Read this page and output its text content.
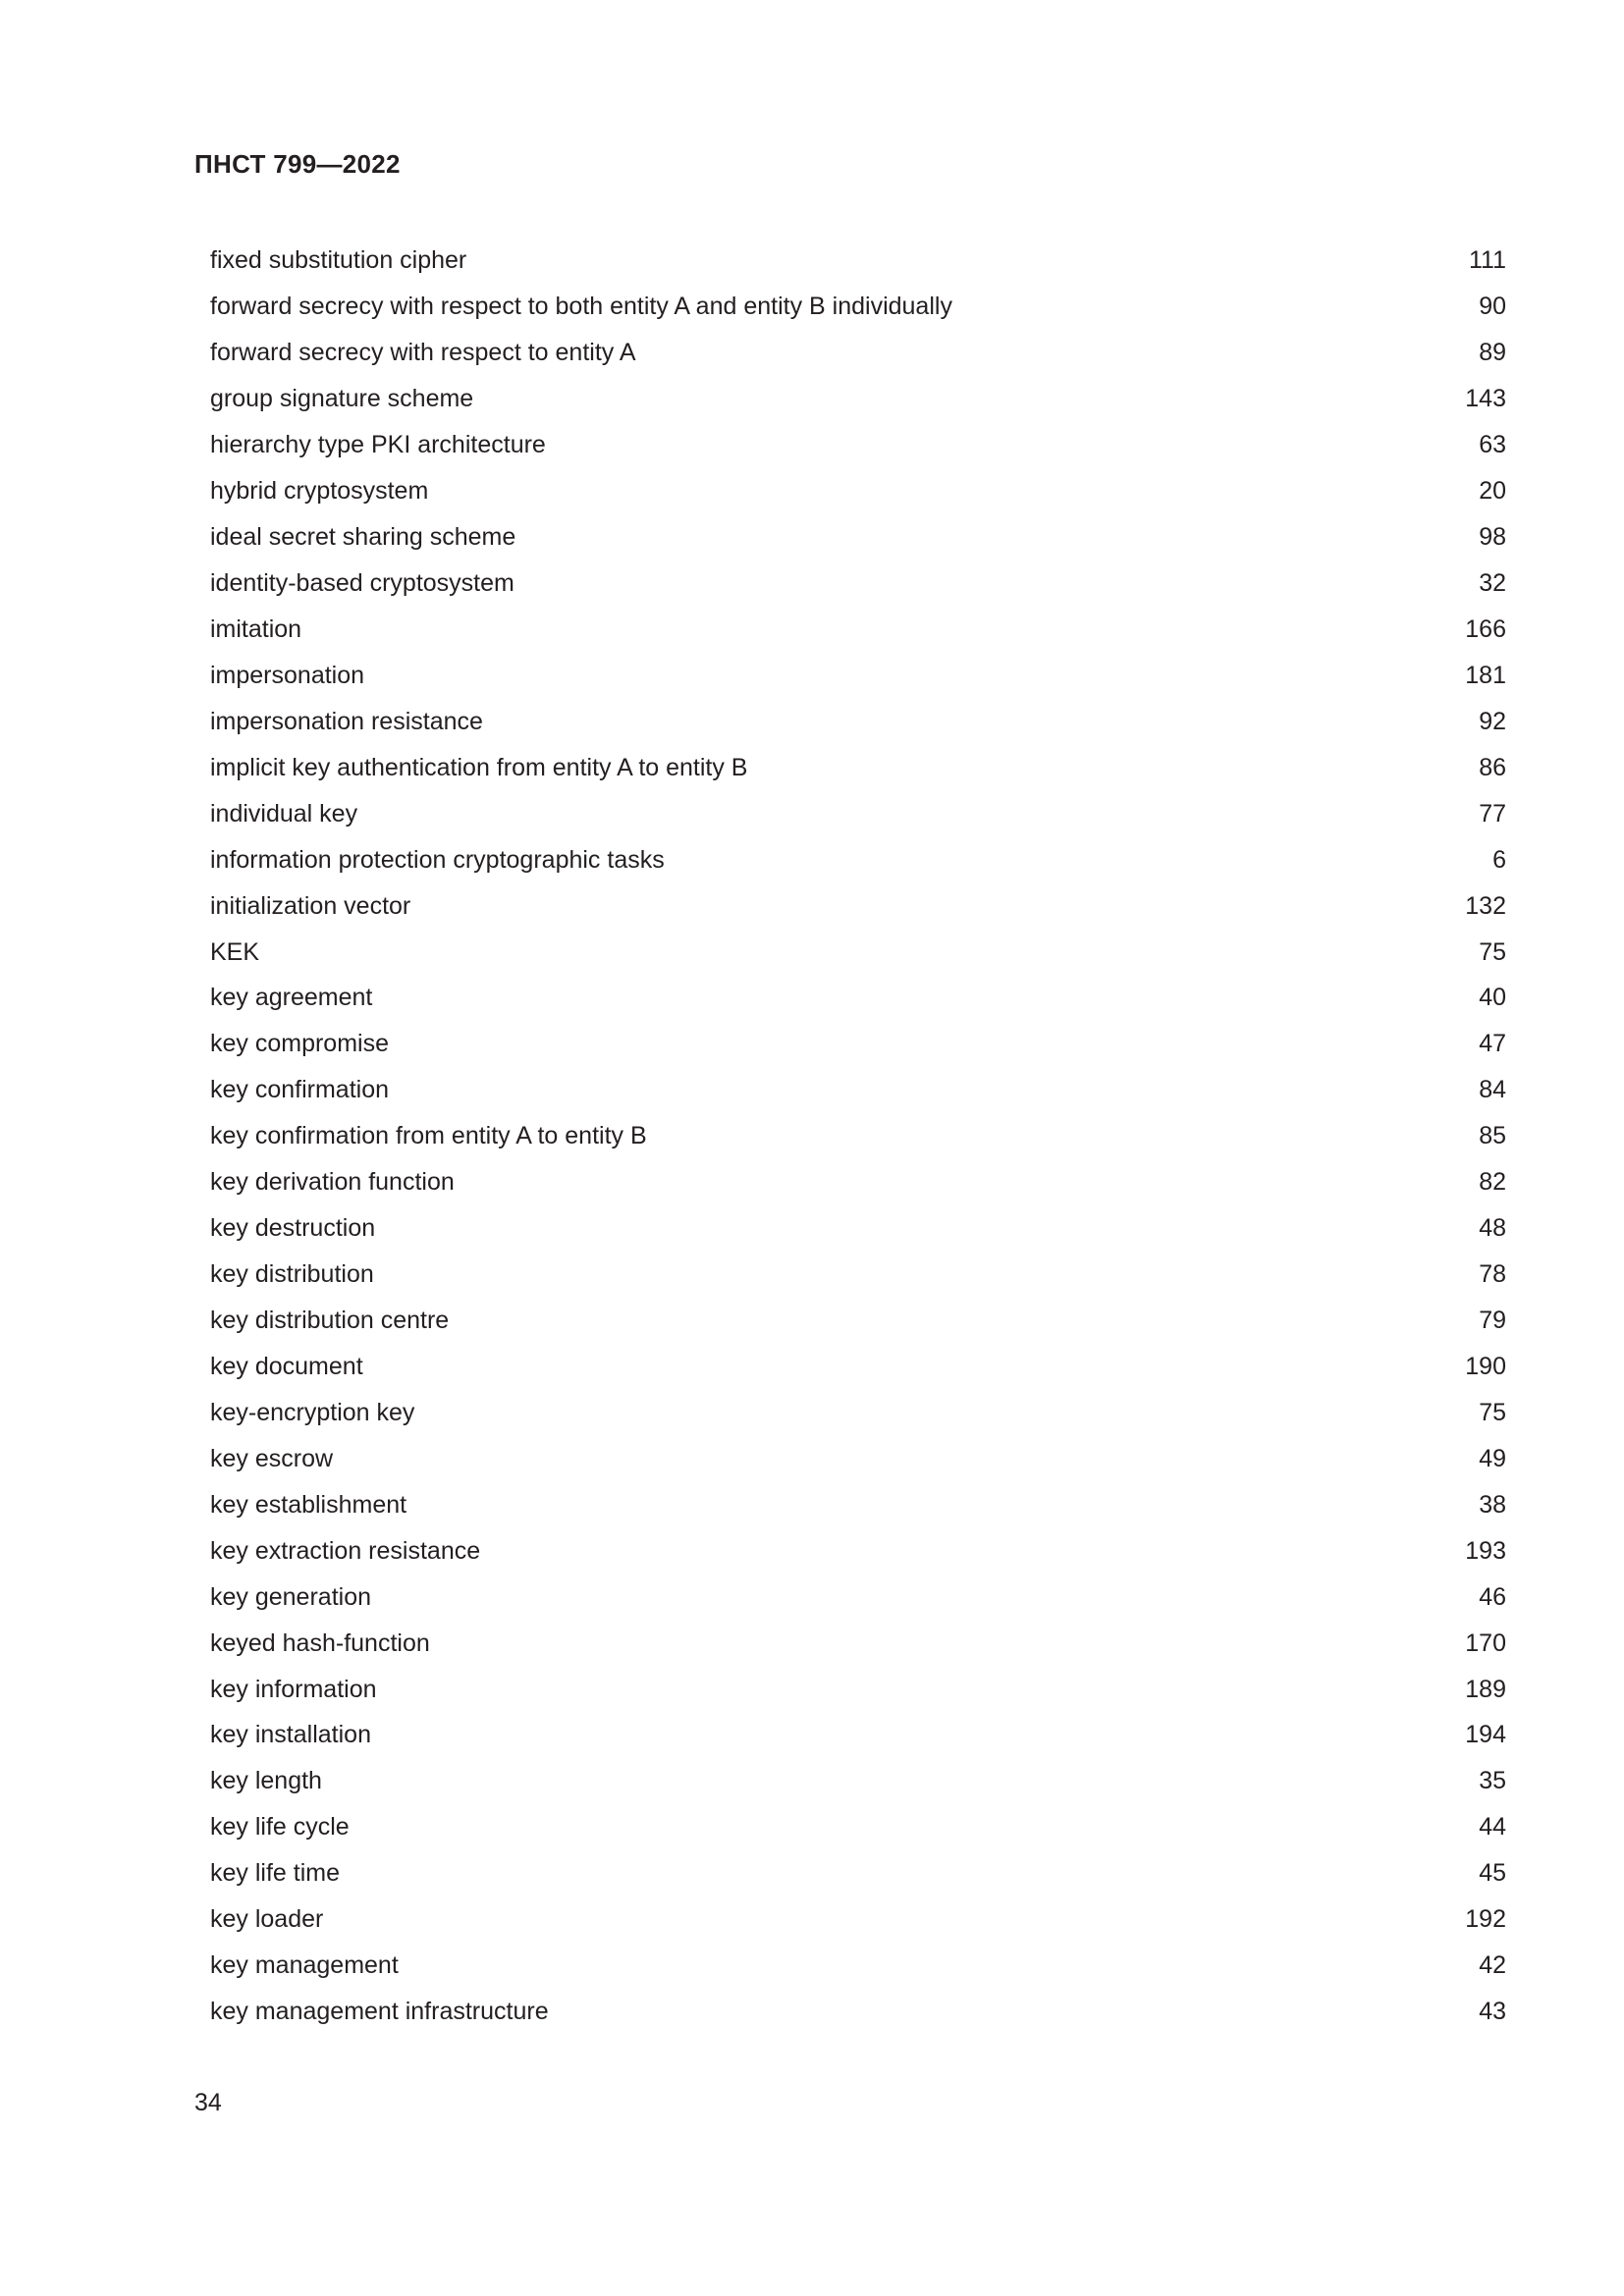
ПНСТ 799—2022
fixed substitution cipher	111
forward secrecy with respect to both entity A and entity B individually	90
forward secrecy with respect to entity A	89
group signature scheme	143
hierarchy type PKI architecture	63
hybrid cryptosystem	20
ideal secret sharing scheme	98
identity-based cryptosystem	32
imitation	166
impersonation	181
impersonation resistance	92
implicit key authentication from entity A to entity B	86
individual key	77
information protection cryptographic tasks	6
initialization vector	132
KEK	75
key agreement	40
key compromise	47
key confirmation	84
key confirmation from entity A to entity B	85
key derivation function	82
key destruction	48
key distribution	78
key distribution centre	79
key document	190
key-encryption key	75
key escrow	49
key establishment	38
key extraction resistance	193
key generation	46
keyed hash-function	170
key information	189
key installation	194
key length	35
key life cycle	44
key life time	45
key loader	192
key management	42
key management infrastructure	43
34
